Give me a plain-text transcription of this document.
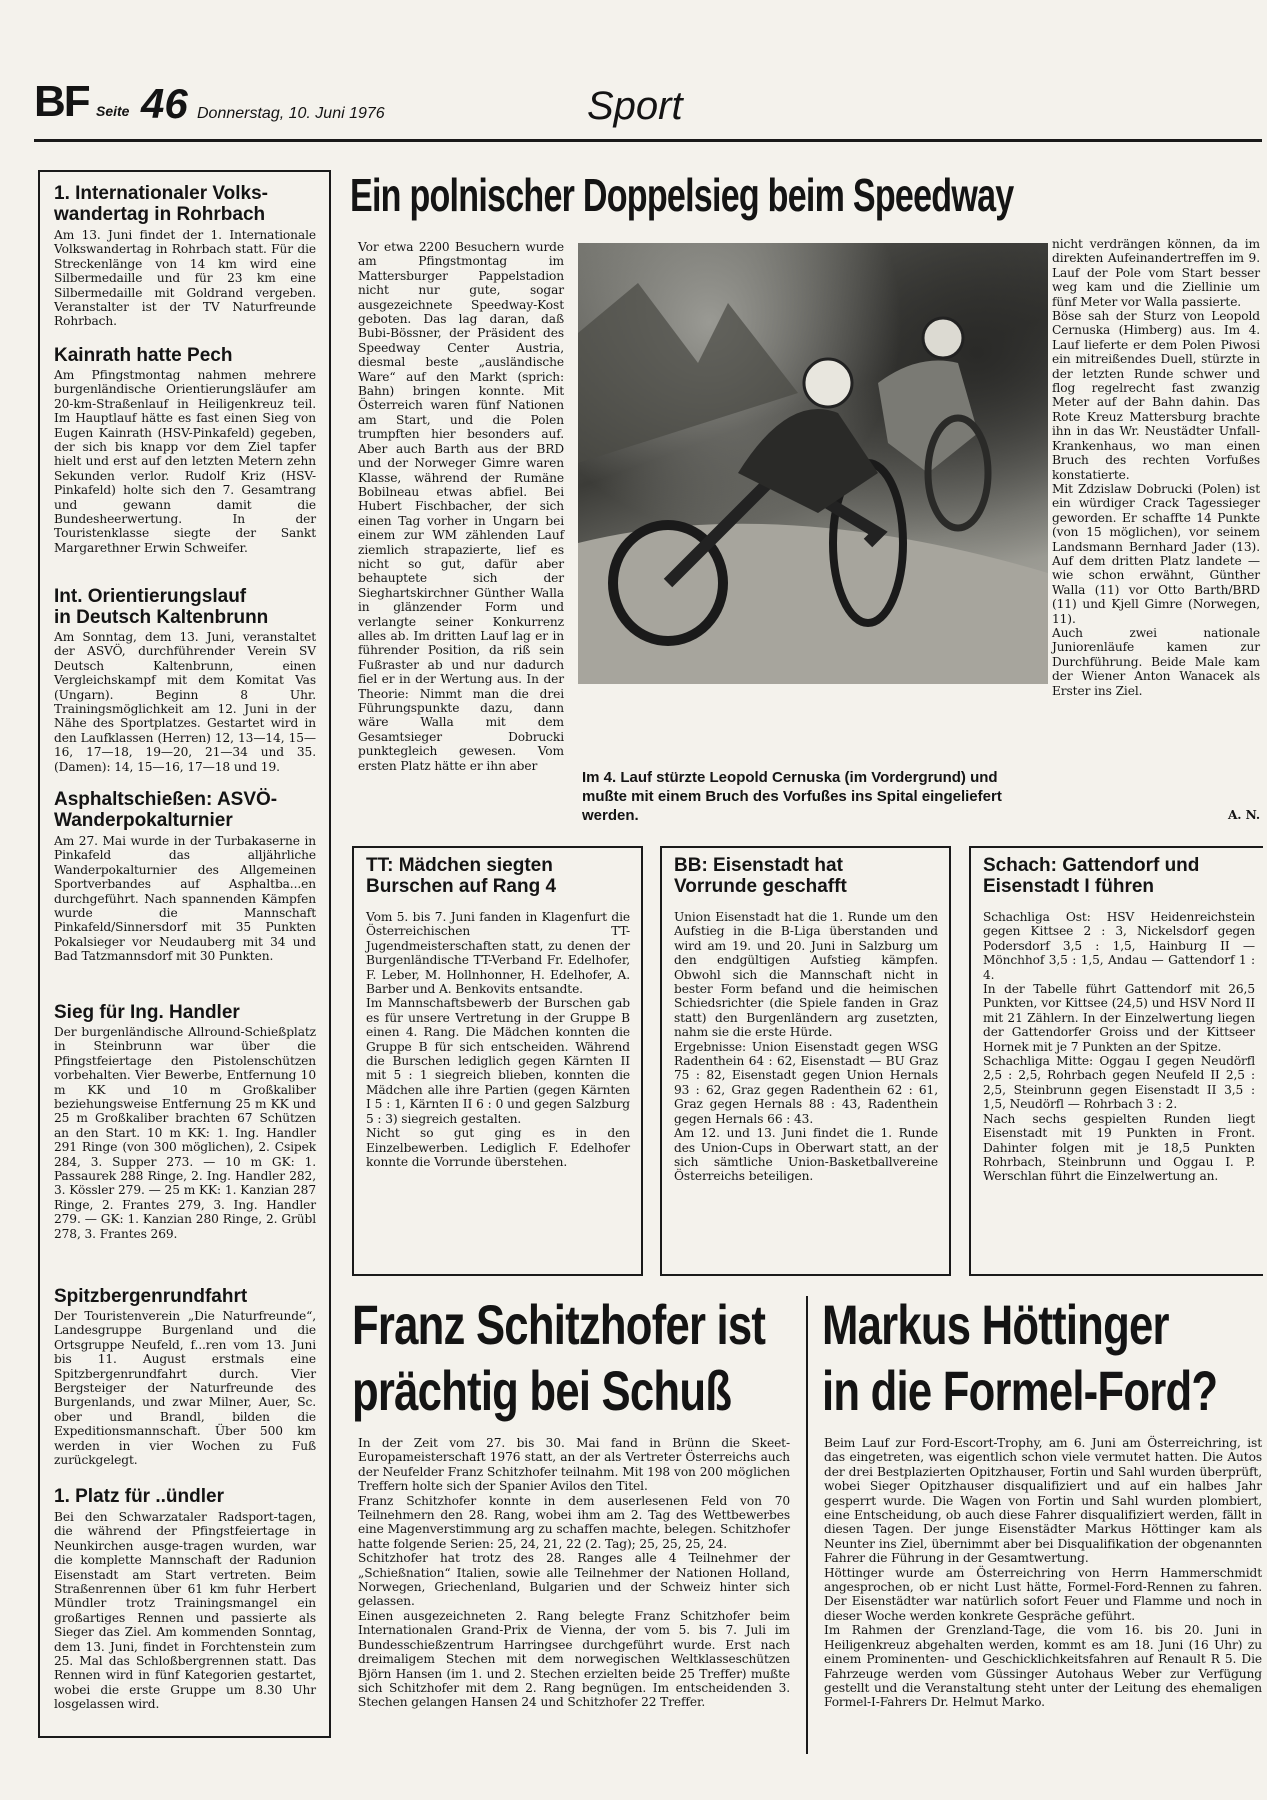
BF Seite 46 Donnerstag, 10. Juni 1976	Sport
1. Internationaler Volks-
wandertag in Rohrbach
Am 13. Juni findet der 1. Internationale Volkswandertag in Rohrbach statt. Für die Streckenlänge von 14 km wird eine Silbermedaille und für 23 km eine Silbermedaille mit Goldrand vergeben. Veranstalter ist der TV Naturfreunde Rohrbach.
Kainrath hatte Pech
Am Pfingstmontag nahmen mehrere burgenländische Orientierungsläufer am 20-km-Straßenlauf in Heiligenkreuz teil. Im Hauptlauf hätte es fast einen Sieg von Eugen Kainrath (HSV-Pinkafeld) gegeben, der sich bis knapp vor dem Ziel tapfer hielt und erst auf den letzten Metern zehn Sekunden verlor. Rudolf Kriz (HSV-Pinkafeld) holte sich den 7. Gesamtrang und gewann damit die Bundesheerwertung. In der Touristenklasse siegte der Sankt Margarethner Erwin Schweifer.
Int. Orientierungslauf
in Deutsch Kaltenbrunn
Am Sonntag, dem 13. Juni, veranstaltet der ASVÖ, durchführender Verein SV Deutsch Kaltenbrunn, einen Vergleichskampf mit dem Komitat Vas (Ungarn). Beginn 8 Uhr. Trainingsmöglichkeit am 12. Juni in der Nähe des Sportplatzes. Gestartet wird in den Laufklassen (Herren) 12, 13—14, 15—16, 17—18, 19—20, 21—34 und 35. (Damen): 14, 15—16, 17—18 und 19.
Asphaltschießen: ASVÖ-
Wanderpokalturnier
Am 27. Mai wurde in der Turbakaserne in Pinkafeld das alljährliche Wanderpokalturnier des Allgemeinen Sportverbandes auf Asphaltba...en durchgeführt. Nach spannenden Kämpfen wurde die Mannschaft Pinkafeld/Sinnersdorf mit 35 Punkten Pokalsieger vor Neudauberg mit 34 und Bad Tatzmannsdorf mit 30 Punkten.
Sieg für Ing. Handler
Der burgenländische Allround-Schießplatz in Steinbrunn war über die Pfingstfeiertage den Pistolenschützen vorbehalten. Vier Bewerbe, Entfernung 10 m KK und 10 m Großkaliber beziehungsweise Entfernung 25 m KK und 25 m Großkaliber brachten 67 Schützen an den Start. 10 m KK: 1. Ing. Handler 291 Ringe (von 300 möglichen), 2. Csipek 284, 3. Supper 273. — 10 m GK: 1. Passaurek 288 Ringe, 2. Ing. Handler 282, 3. Kössler 279. — 25 m KK: 1. Kanzian 287 Ringe, 2. Frantes 279, 3. Ing. Handler 279. — GK: 1. Kanzian 280 Ringe, 2. Grübl 278, 3. Frantes 269.
Spitzbergenrundfahrt
Der Touristenverein „Die Naturfreunde“, Landesgruppe Burgenland und die Ortsgruppe Neufeld, f...ren vom 13. Juni bis 11. August erstmals eine Spitzbergenrundfahrt durch. Vier Bergsteiger der Naturfreunde des Burgenlands, und zwar Milner, Auer, Sc. ober und Brandl, bilden die Expeditionsmannschaft. Über 500 km werden in vier Wochen zu Fuß zurückgelegt.
1. Platz für ..ündler
Bei den Schwarzataler Radsport-tagen, die während der Pfingstfeiertage in Neunkirchen ausge-tragen wurden, war die komplette Mannschaft der Radunion Eisenstadt am Start vertreten. Beim Straßenrennen über 61 km fuhr Herbert Mündler trotz Trainingsmangel ein großartiges Rennen und passierte als Sieger das Ziel. Am kommenden Sonntag, dem 13. Juni, findet in Forchtenstein zum 25. Mal das Schloßbergrennen statt. Das Rennen wird in fünf Kategorien gestartet, wobei die erste Gruppe um 8.30 Uhr losgelassen wird.
Ein polnischer Doppelsieg beim Speedway
Vor etwa 2200 Besuchern wurde am Pfingstmontag im Mattersburger Pappelstadion nicht nur gute, sogar ausgezeichnete Speedway-Kost geboten. Das lag daran, daß Bubi-Bössner, der Präsident des Speedway Center Austria, diesmal beste „ausländische Ware“ auf den Markt (sprich: Bahn) bringen konnte. Mit Österreich waren fünf Nationen am Start, und die Polen trumpften hier besonders auf. Aber auch Barth aus der BRD und der Norweger Gimre waren Klasse, während der Rumäne Bobilneau etwas abfiel. Bei Hubert Fischbacher, der sich einen Tag vorher in Ungarn bei einem zur WM zählenden Lauf ziemlich strapazierte, lief es nicht so gut, dafür aber behauptete sich der Sieghartskirchner Günther Walla in glänzender Form und verlangte seiner Konkurrenz alles ab. Im dritten Lauf lag er in führender Position, da riß sein Fußraster ab und nur dadurch fiel er in der Wertung aus. In der Theorie: Nimmt man die drei Führungspunkte dazu, dann wäre Walla mit dem Gesamtsieger Dobrucki punktegleich gewesen. Vom ersten Platz hätte er ihn aber
Im 4. Lauf stürzte Leopold Cernuska (im Vordergrund) und mußte mit einem Bruch des Vorfußes ins Spital eingeliefert werden.
nicht verdrängen können, da im direkten Aufeinandertreffen im 9. Lauf der Pole vom Start besser weg kam und die Ziellinie um fünf Meter vor Walla passierte.
Böse sah der Sturz von Leopold Cernuska (Himberg) aus. Im 4. Lauf lieferte er dem Polen Piwosi ein mitreißendes Duell, stürzte in der letzten Runde schwer und flog regelrecht fast zwanzig Meter auf der Bahn dahin. Das Rote Kreuz Mattersburg brachte ihn in das Wr. Neustädter Unfall-Krankenhaus, wo man einen Bruch des rechten Vorfußes konstatierte.
Mit Zdzislaw Dobrucki (Polen) ist ein würdiger Crack Tagessieger geworden. Er schaffte 14 Punkte (von 15 möglichen), vor seinem Landsmann Bernhard Jader (13). Auf dem dritten Platz landete — wie schon erwähnt, Günther Walla (11) vor Otto Barth/BRD (11) und Kjell Gimre (Norwegen, 11).
Auch zwei nationale Juniorenläufe kamen zur Durchführung. Beide Male kam der Wiener Anton Wanacek als Erster ins Ziel.
A. N.
TT: Mädchen siegten
Burschen auf Rang 4
Vom 5. bis 7. Juni fanden in Klagenfurt die Österreichischen TT-Jugendmeisterschaften statt, zu denen der Burgenländische TT-Verband Fr. Edelhofer, F. Leber, M. Hollnhonner, H. Edelhofer, A. Barber und A. Benkovits entsandte.
Im Mannschaftsbewerb der Burschen gab es für unsere Vertretung in der Gruppe B einen 4. Rang. Die Mädchen konnten die Gruppe B für sich entscheiden. Während die Burschen lediglich gegen Kärnten II mit 5 : 1 siegreich blieben, konnten die Mädchen alle ihre Partien (gegen Kärnten I 5 : 1, Kärnten II 6 : 0 und gegen Salzburg 5 : 3) siegreich gestalten.
Nicht so gut ging es in den Einzelbewerben. Lediglich F. Edelhofer konnte die Vorrunde überstehen.
BB: Eisenstadt hat
Vorrunde geschafft
Union Eisenstadt hat die 1. Runde um den Aufstieg in die B-Liga überstanden und wird am 19. und 20. Juni in Salzburg um den endgültigen Aufstieg kämpfen. Obwohl sich die Mannschaft nicht in bester Form befand und die heimischen Schiedsrichter (die Spiele fanden in Graz statt) den Burgenländern arg zusetzten, nahm sie die erste Hürde.
Ergebnisse: Union Eisenstadt gegen WSG Radenthein 64 : 62, Eisenstadt — BU Graz 75 : 82, Eisenstadt gegen Union Hernals 93 : 62, Graz gegen Radenthein 62 : 61, Graz gegen Hernals 88 : 43, Radenthein gegen Hernals 66 : 43.
Am 12. und 13. Juni findet die 1. Runde des Union-Cups in Oberwart statt, an der sich sämtliche Union-Basketballvereine Österreichs beteiligen.
Schach: Gattendorf und
Eisenstadt I führen
Schachliga Ost: HSV Heidenreichstein gegen Kittsee 2 : 3, Nickelsdorf gegen Podersdorf 3,5 : 1,5, Hainburg II — Mönchhof 3,5 : 1,5, Andau — Gattendorf 1 : 4.
In der Tabelle führt Gattendorf mit 26,5 Punkten, vor Kittsee (24,5) und HSV Nord II mit 21 Zählern. In der Einzelwertung liegen der Gattendorfer Groiss und der Kittseer Hornek mit je 7 Punkten an der Spitze.
Schachliga Mitte: Oggau I gegen Neudörfl 2,5 : 2,5, Rohrbach gegen Neufeld II 2,5 : 2,5, Steinbrunn gegen Eisenstadt II 3,5 : 1,5, Neudörfl — Rohrbach 3 : 2.
Nach sechs gespielten Runden liegt Eisenstadt mit 19 Punkten in Front. Dahinter folgen mit je 18,5 Punkten Rohrbach, Steinbrunn und Oggau I. P. Werschlan führt die Einzelwertung an.
Franz Schitzhofer ist
prächtig bei Schuß
In der Zeit vom 27. bis 30. Mai fand in Brünn die Skeet-Europameisterschaft 1976 statt, an der als Vertreter Österreichs auch der Neufelder Franz Schitzhofer teilnahm. Mit 198 von 200 möglichen Treffern holte sich der Spanier Avilos den Titel.
Franz Schitzhofer konnte in dem auserlesenen Feld von 70 Teilnehmern den 28. Rang, wobei ihm am 2. Tag des Wettbewerbes eine Magenverstimmung arg zu schaffen machte, belegen. Schitzhofer hatte folgende Serien: 25, 24, 21, 22 (2. Tag); 25, 25, 25, 24.
Schitzhofer hat trotz des 28. Ranges alle 4 Teilnehmer der „Schießnation“ Italien, sowie alle Teilnehmer der Nationen Holland, Norwegen, Griechenland, Bulgarien und der Schweiz hinter sich gelassen.
Einen ausgezeichneten 2. Rang belegte Franz Schitzhofer beim Internationalen Grand-Prix de Vienna, der vom 5. bis 7. Juli im Bundesschießzentrum Harringsee durchgeführt wurde. Erst nach dreimaligem Stechen mit dem norwegischen Weltklasseschützen Björn Hansen (im 1. und 2. Stechen erzielten beide 25 Treffer) mußte sich Schitzhofer mit dem 2. Rang begnügen. Im entscheidenden 3. Stechen gelangen Hansen 24 und Schitzhofer 22 Treffer.
Markus Höttinger
in die Formel-Ford?
Beim Lauf zur Ford-Escort-Trophy, am 6. Juni am Österreichring, ist das eingetreten, was eigentlich schon viele vermutet hatten. Die Autos der drei Bestplazierten Opitzhauser, Fortin und Sahl wurden überprüft, wobei Sieger Opitzhauser disqualifiziert und auf ein halbes Jahr gesperrt wurde. Die Wagen von Fortin und Sahl wurden plombiert, eine Entscheidung, ob auch diese Fahrer disqualifiziert werden, fällt in diesen Tagen. Der junge Eisenstädter Markus Höttinger kam als Neunter ins Ziel, übernimmt aber bei Disqualifikation der obgenannten Fahrer die Führung in der Gesamtwertung.
Höttinger wurde am Österreichring von Herrn Hammerschmidt angesprochen, ob er nicht Lust hätte, Formel-Ford-Rennen zu fahren. Der Eisenstädter war natürlich sofort Feuer und Flamme und noch in dieser Woche werden konkrete Gespräche geführt.
Im Rahmen der Grenzland-Tage, die vom 16. bis 20. Juni in Heiligenkreuz abgehalten werden, kommt es am 18. Juni (16 Uhr) zu einem Prominenten- und Geschicklichkeitsfahren auf Renault R 5. Die Fahrzeuge werden vom Güssinger Autohaus Weber zur Verfügung gestellt und die Veranstaltung steht unter der Leitung des ehemaligen Formel-I-Fahrers Dr. Helmut Marko.
